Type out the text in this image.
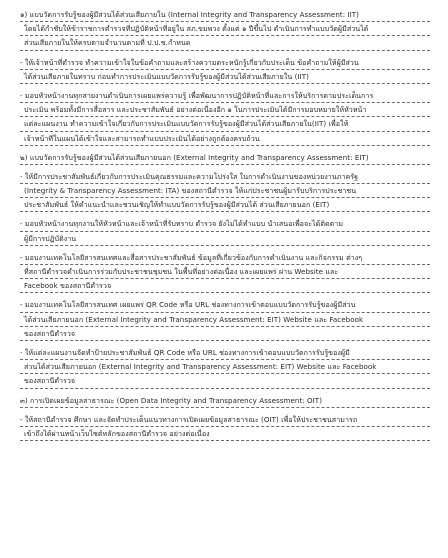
๑) แบบวัดการรับรู้ของผู้มีส่วนได้ส่วนเสียภายใน (Internal Integrity and Transparency Assessment: IIT)
โดยได้กำชับให้ข้าราชการตำรวจที่ปฏิบัติหน้าที่อยู่ใน สภ.ขมพวง ตั้งแต่ ๑ ปีขึ้นไป ดำเนินการทำแบบวัดผู้มีส่วนได้
ส่วนเสียภายในให้ครบตามจำนวนตามที่ ป.ป.ช.กำหนด
- ให้เจ้าหน้าที่ตำรวจ ทำความเข้าใจในข้อคำถามและสร้างความตระหนักรู้เกี่ยวกับประเด็น ข้อคำถามให้ผู้มีส่วน
ได้ส่วนเสียภายในทราบ ก่อนทำการประเมินแบบวัดการรับรู้ของผู้มีส่วนได้ส่วนเสียภายใน (IIT)
- มอบหัวหน้างานทุกสายงานดำเนินการเผยแพร่ความรู้ เพื่อพัฒนาการปฏิบัติหน้าที่และการให้บริการตามประเด็นการ
ประเมิน พร้อมทั้งมีการสื่อสาร และประชาสัมพันธ์ อย่างต่อเนื่องอีก ๑ ในการประเมินได้มีการมอบหมายให้หัวหน้า
แต่ละแผนงาน ทำความเข้าใจเกี่ยวกับการประเมินแบบวัดการรับรู้ของผู้มีส่วนได้ส่วนเสียภายใน(IIT) เพื่อให้
เจ้าหน้าที่ในแผนได้เข้าใจและสามารถทำแบบประเมินได้อย่างถูกต้องครบถ้วน
๒) แบบวัดการรับรู้ของผู้มีส่วนได้ส่วนเสียภายนอก (External Integrity and Transparency Assessment: EIT)
- ให้มีการประชาสัมพันธ์เกี่ยวกับการประเมินคุณธรรมและความโปร่งใส ในการดำเนินงานของหน่วยงานภาครัฐ
(Integrity & Transparency Assessment: ITA) ของสถานีตำรวจ ให้แก่ประชาชนผู้มารับบริการประชาชน
ประชาสัมพันธ์ ให้คำแนะนำและชวนเชิญให้ทำแบบวัดการรับรู้ของผู้มีส่วนได้ ส่วนเสียภายนอก (EIT)
- มอบหัวหน้างานทุกงานให้หัวหน้าและเจ้าหน้าที่รับทราบ ตำรวจ ยังไม่ได้ทำแบบ นำเสนอเพื่อจะได้ติดตาม
ผู้มีการปฏิบัติงาน
- มอบงานเทคโนโลยีสารสนเทศและสื่อสารประชาสัมพันธ์ ข้อมูลที่เกี่ยวข้องกับการดำเนินงาน และกิจกรรม ต่างๆ
ที่สถานีตำรวจดำเนินการร่วมกับประชาชนชุมชน ในพื้นที่อย่างต่อเนื่อง และเผยแพร่ ผ่าน Website และ
Facebook ของสถานีตำรวจ
- มอบงานเทคโนโลยีสารสนเทศ เผยแพร่ QR Code หรือ URL ช่องทางการเข้าตอบแบบวัดการรับรู้ของผู้มีส่วน
ได้ส่วนเสียภายนอก (External Integrity and Transparency Assessment: EIT) Website และ Facebook
ของสถานีตำรวจ
- ให้แต่ละแผนงานจัดทำป้ายประชาสัมพันธ์ QR Code หรือ URL ช่องทางการเข้าตอบแบบวัดการรับรู้ของผู้มี
ส่วนได้ส่วนเสียภายนอก (External Integrity and Transparency Assessment: EIT) Website และ Facebook
ของสถานีตำรวจ
๓) การเปิดเผยข้อมูลสาธารณะ (Open Data Integrity and Transparency Assessment: OIT)
- ให้สถานีตำรวจ ศึกษา และจัดทำประเด็นแนวทางการเปิดเผยข้อมูลสาธารณะ (OIT) เพื่อให้ประชาชนสามารถ
เข้าถึงได้ผ่านหน้าเว็บไซต์หลักของสถานีตำรวจ อย่างต่อเนื่อง
